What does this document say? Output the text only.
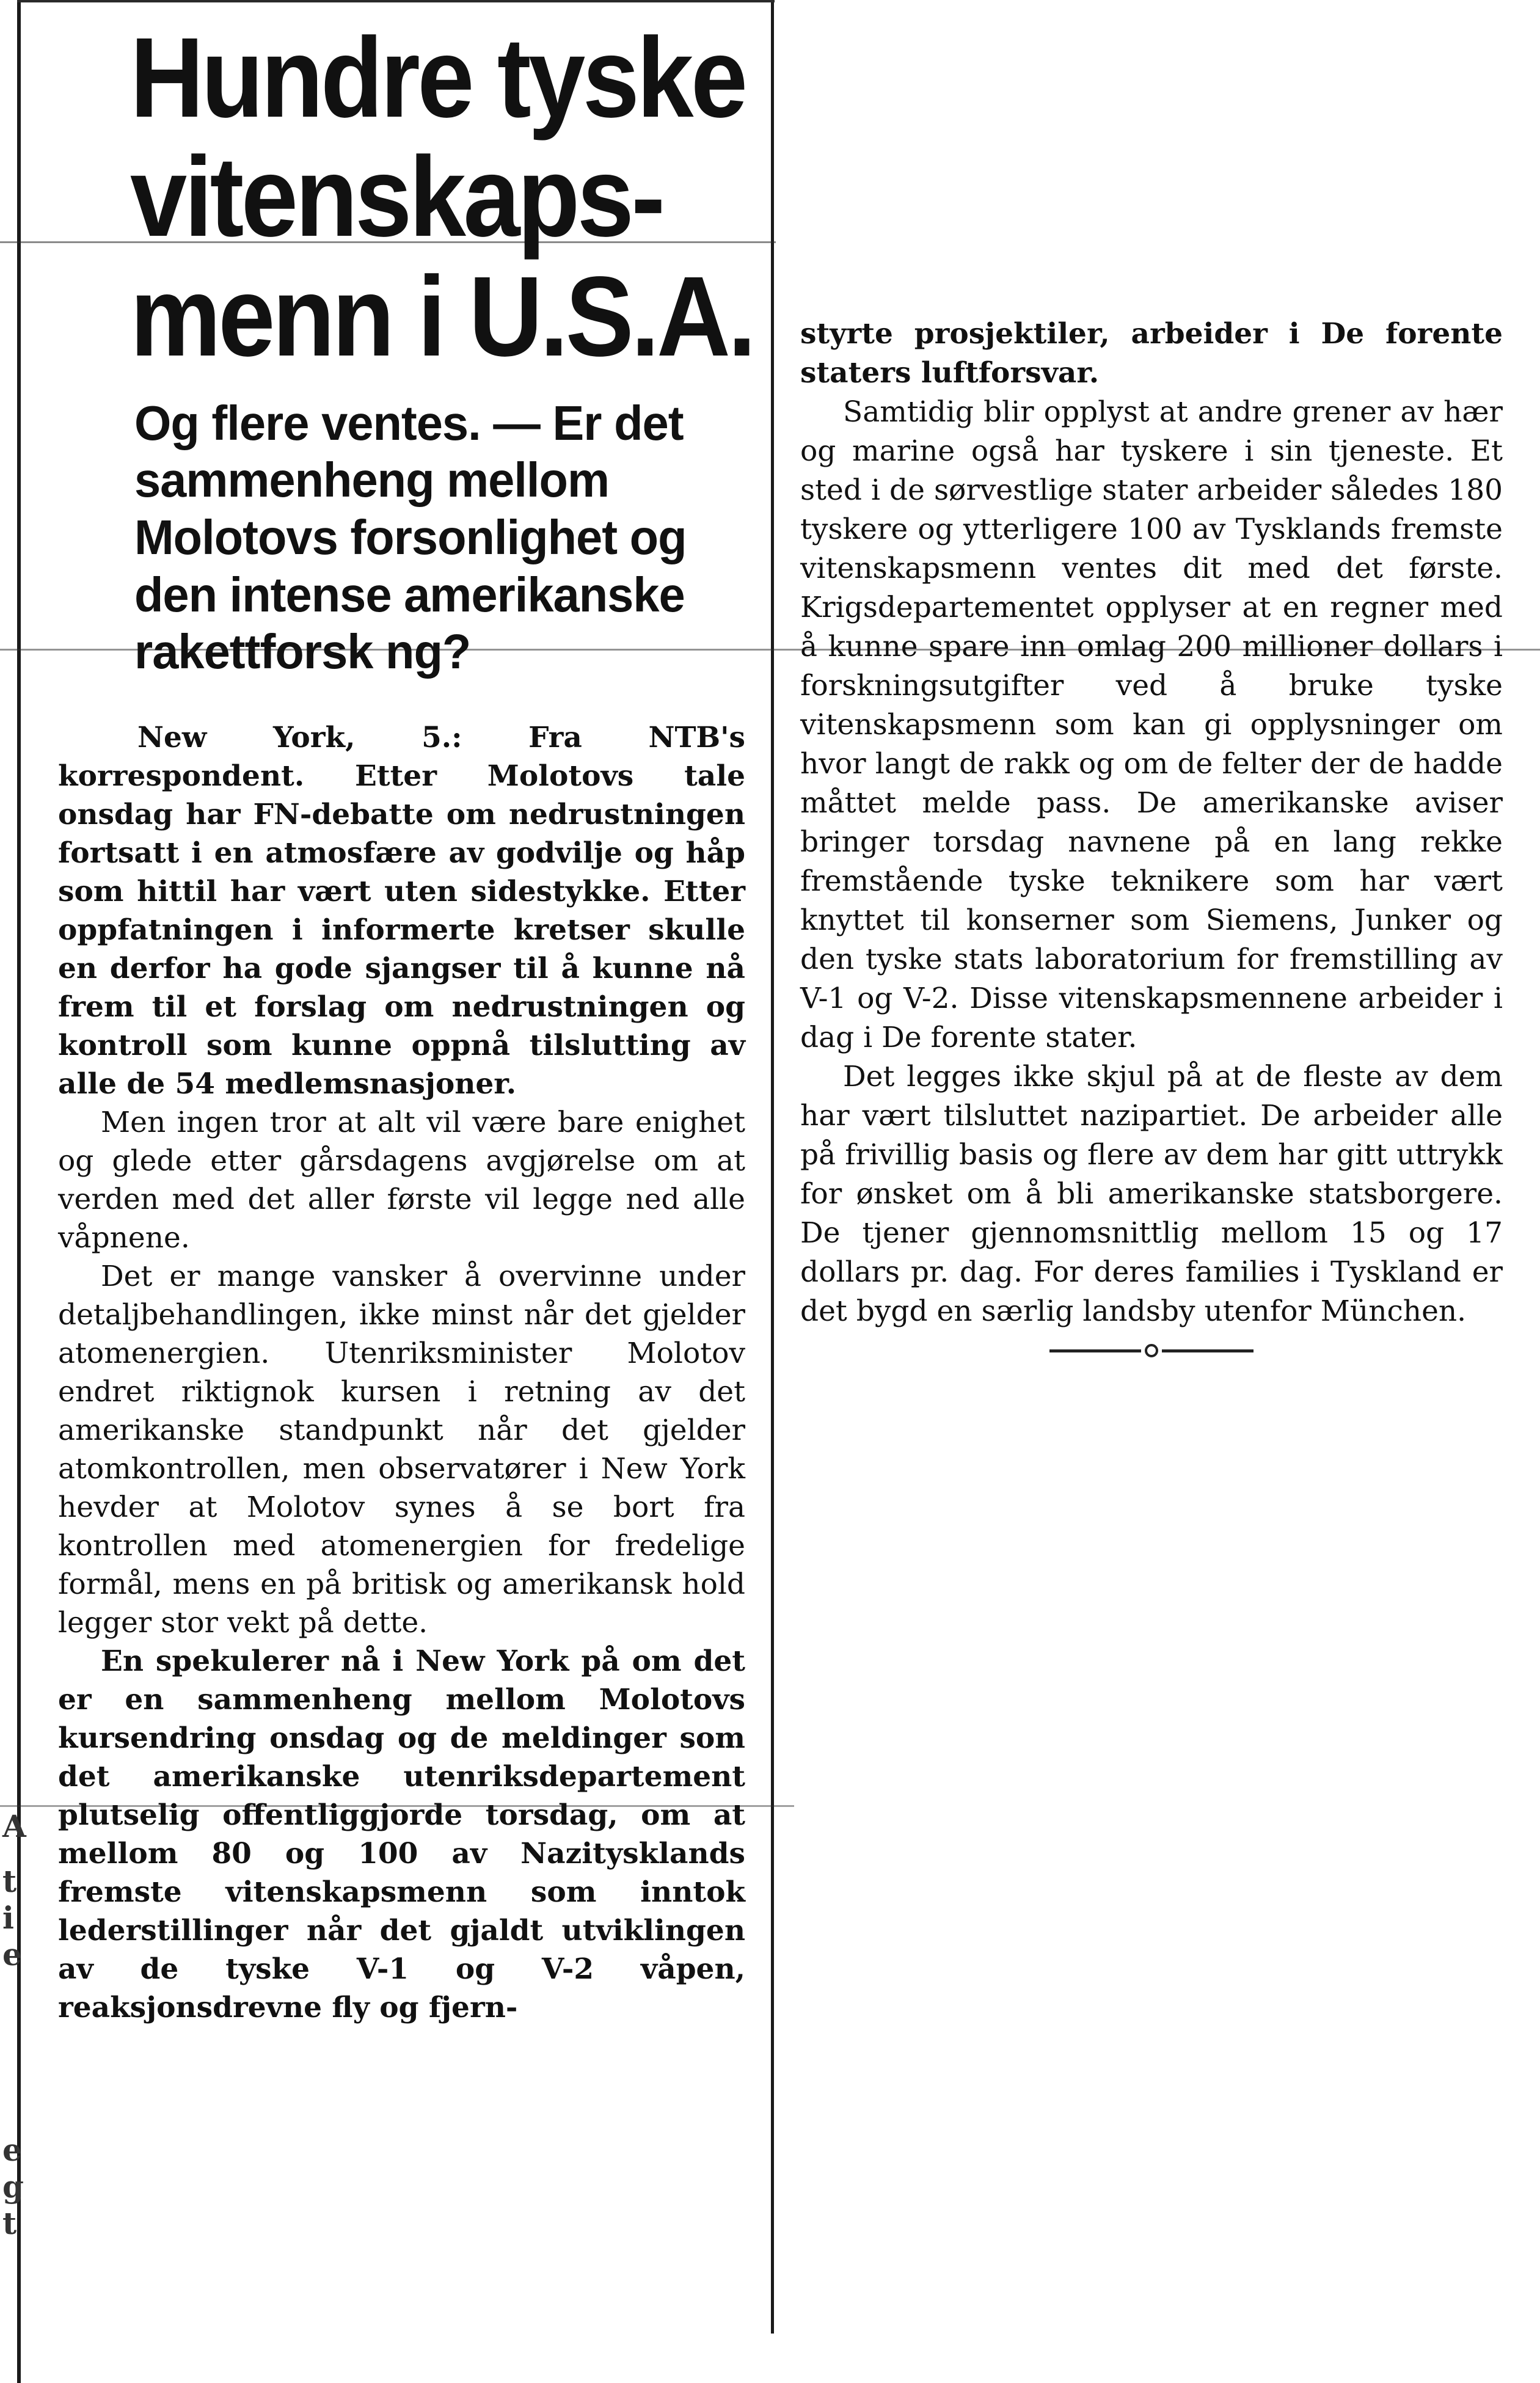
A
t
i
e
e
g
t
Hundre tyske
vitenskaps-
menn i U.S.A.
Og flere ventes. — Er det
sammenheng mellom
Molotovs forsonlighet og
den intense amerikanske
rakettforsk ng?

New York, 5.: Fra NTB's korrespondent. Etter Molotovs tale onsdag har FN-debatte om nedrustningen fortsatt i en atmosfære av godvilje og håp som hittil har vært uten sidestykke. Etter oppfatningen i informerte kretser skulle en derfor ha gode sjangser til å kunne nå frem til et forslag om nedrustningen og kontroll som kunne oppnå tilslutting av alle de 54 medlemsnasjoner.

Men ingen tror at alt vil være bare enighet og glede etter gårsdagens avgjørelse om at verden med det aller første vil legge ned alle våpnene.

Det er mange vansker å overvinne under detaljbehandlingen, ikke minst når det gjelder atomenergien. Utenriksminister Molotov endret riktignok kursen i retning av det amerikanske standpunkt når det gjelder atomkontrollen, men observatører i New York hevder at Molotov synes å se bort fra kontrollen med atomenergien for fredelige formål, mens en på britisk og amerikansk hold legger stor vekt på dette.

En spekulerer nå i New York på om det er en sammenheng mellom Molotovs kursendring onsdag og de meldinger som det amerikanske utenriksdepartement plutselig offentliggjorde torsdag, om at mellom 80 og 100 av Nazitysklands fremste vitenskapsmenn som inntok lederstillinger når det gjaldt utviklingen av de tyske V-1 og V-2 våpen, reaksjonsdrevne fly og fjern-

styrte prosjektiler, arbeider i De forente staters luftforsvar.

Samtidig blir opplyst at andre grener av hær og marine også har tyskere i sin tjeneste. Et sted i de sørvestlige stater arbeider således 180 tyskere og ytterligere 100 av Tysklands fremste vitenskapsmenn ventes dit med det første. Krigsdepartementet opplyser at en regner med å kunne spare inn omlag 200 millioner dollars i forskningsutgifter ved å bruke tyske vitenskapsmenn som kan gi opplysninger om hvor langt de rakk og om de felter der de hadde måttet melde pass. De amerikanske aviser bringer torsdag navnene på en lang rekke fremstående tyske teknikere som har vært knyttet til konserner som Siemens, Junker og den tyske stats laboratorium for fremstilling av V-1 og V-2. Disse vitenskapsmennene arbeider i dag i De forente stater.

Det legges ikke skjul på at de fleste av dem har vært tilsluttet nazipartiet. De arbeider alle på frivillig basis og flere av dem har gitt uttrykk for ønsket om å bli amerikanske statsborgere. De tjener gjennomsnittlig mellom 15 og 17 dollars pr. dag. For deres families i Tyskland er det bygd en særlig landsby utenfor München.
